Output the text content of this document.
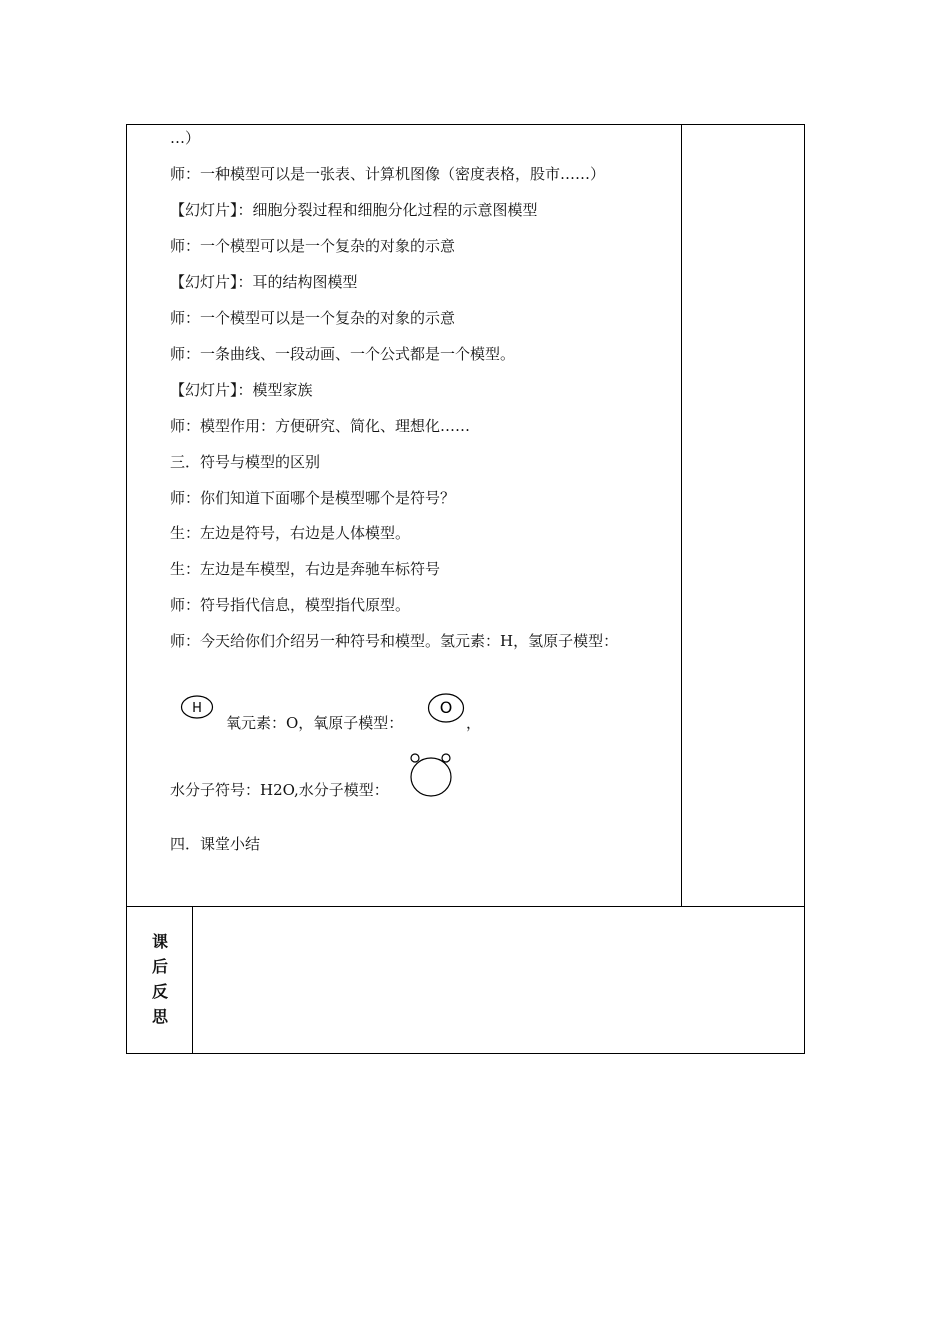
…）
师：一种模型可以是一张表、计算机图像（密度表格，股市……）
【幻灯片】：细胞分裂过程和细胞分化过程的示意图模型
师：一个模型可以是一个复杂的对象的示意
【幻灯片】：耳的结构图模型
师：一个模型可以是一个复杂的对象的示意
师：一条曲线、一段动画、一个公式都是一个模型。
【幻灯片】：模型家族
师：模型作用：方便研究、简化、理想化……
三．符号与模型的区别
师：你们知道下面哪个是模型哪个是符号？
生：左边是符号，右边是人体模型。
生：左边是车模型，右边是奔驰车标符号
师：符号指代信息，模型指代原型。
师：今天给你们介绍另一种符号和模型。氢元素：H，氢原子模型：
H
氧元素：O，氧原子模型：
O
，
水分子符号：H2O,水分子模型：
四．课堂小结
课
后
反
思
